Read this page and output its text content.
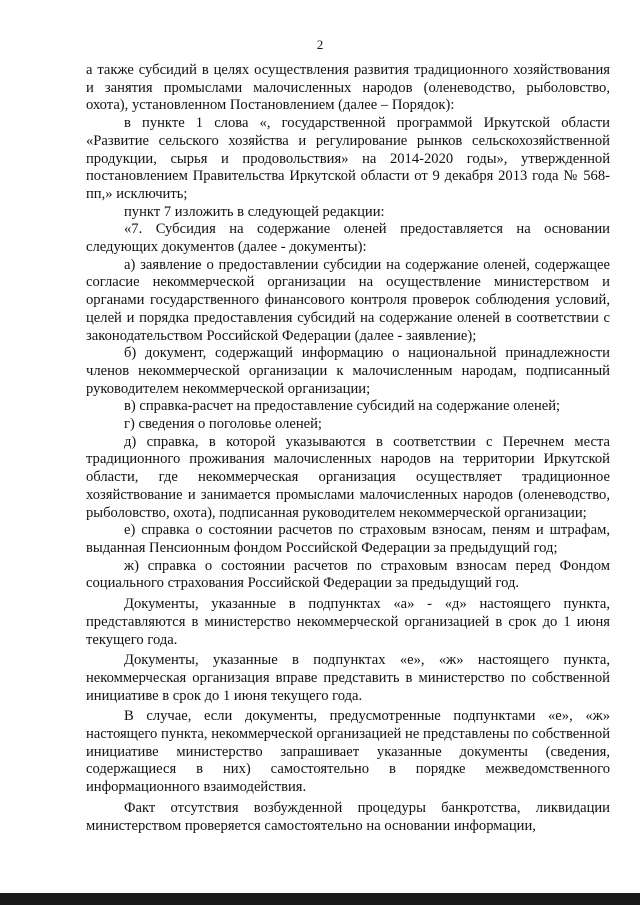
2

а также субсидий в целях осуществления развития традиционного хозяйствования и занятия промыслами малочисленных народов (оленеводство, рыболовство, охота), установленном Постановлением (далее – Порядок):

в пункте 1 слова «, государственной программой Иркутской области «Развитие сельского хозяйства и регулирование рынков сельскохозяйственной продукции, сырья и продовольствия» на 2014-2020 годы», утвержденной постановлением Правительства Иркутской области от 9 декабря 2013 года № 568-пп,» исключить;

пункт 7 изложить в следующей редакции:

«7. Субсидия на содержание оленей предоставляется на основании следующих документов (далее - документы):

а) заявление о предоставлении субсидии на содержание оленей, содержащее согласие некоммерческой организации на осуществление министерством и органами государственного финансового контроля проверок соблюдения условий, целей и порядка предоставления субсидий на содержание оленей в соответствии с законодательством Российской Федерации (далее - заявление);

б) документ, содержащий информацию о национальной принадлежности членов некоммерческой организации к малочисленным народам, подписанный руководителем некоммерческой организации;

в) справка-расчет на предоставление субсидий на содержание оленей;

г) сведения о поголовье оленей;

д) справка, в которой указываются в соответствии с Перечнем места традиционного проживания малочисленных народов на территории Иркутской области, где некоммерческая организация осуществляет традиционное хозяйствование и занимается промыслами малочисленных народов (оленеводство, рыболовство, охота), подписанная руководителем некоммерческой организации;

е) справка о состоянии расчетов по страховым взносам, пеням и штрафам, выданная Пенсионным фондом Российской Федерации за предыдущий год;

ж) справка о состоянии расчетов по страховым взносам перед Фондом социального страхования Российской Федерации за предыдущий год.

Документы, указанные в подпунктах «а» - «д» настоящего пункта, представляются в министерство некоммерческой организацией в срок до 1 июня текущего года.

Документы, указанные в подпунктах «е», «ж» настоящего пункта, некоммерческая организация вправе представить в министерство по собственной инициативе в срок до 1 июня текущего года.

В случае, если документы, предусмотренные подпунктами «е», «ж» настоящего пункта, некоммерческой организацией не представлены по собственной инициативе министерство запрашивает указанные документы (сведения, содержащиеся в них) самостоятельно в порядке межведомственного информационного взаимодействия.

Факт отсутствия возбужденной процедуры банкротства, ликвидации министерством проверяется самостоятельно на основании информации,
